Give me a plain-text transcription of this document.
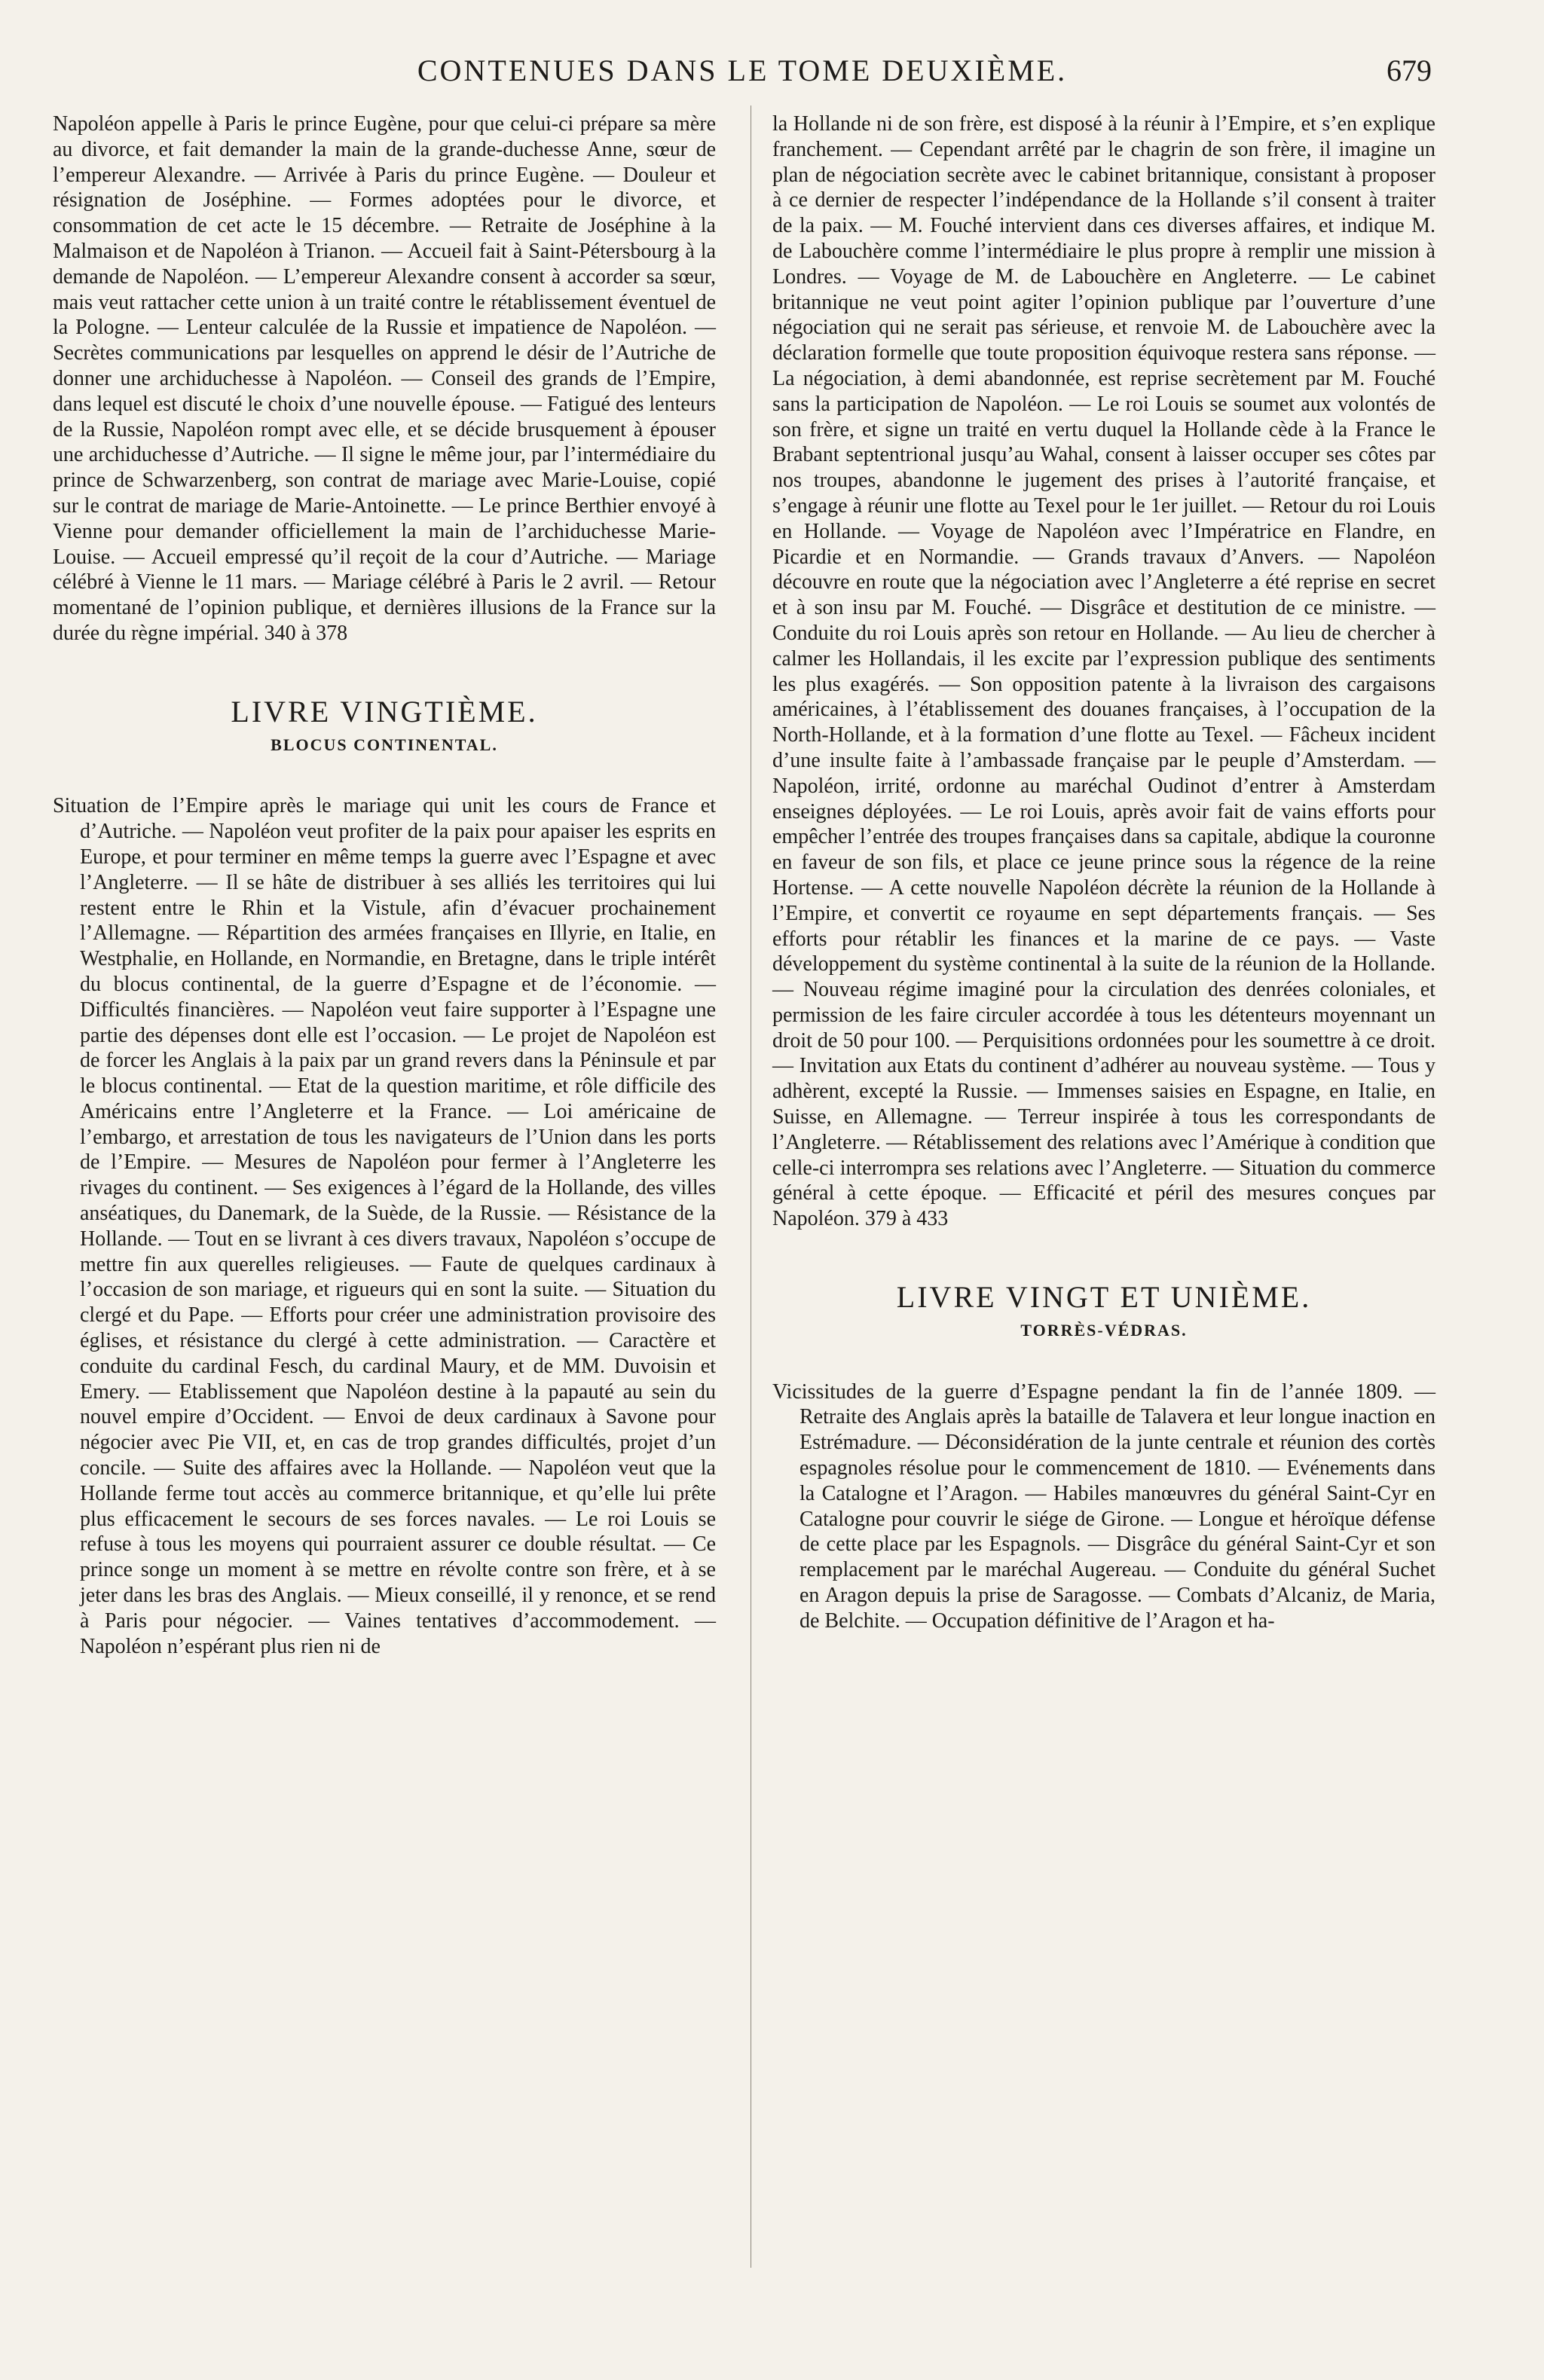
CONTENUES DANS LE TOME DEUXIÈME.	679

Napoléon appelle à Paris le prince Eugène, pour que celui-ci prépare sa mère au divorce, et fait demander la main de la grande-duchesse Anne, sœur de l’empereur Alexandre. — Arrivée à Paris du prince Eugène. — Douleur et résignation de Joséphine. — Formes adoptées pour le divorce, et consommation de cet acte le 15 décembre. — Retraite de Joséphine à la Malmaison et de Napoléon à Trianon. — Accueil fait à Saint-Pétersbourg à la demande de Napoléon. — L’empereur Alexandre consent à accorder sa sœur, mais veut rattacher cette union à un traité contre le rétablissement éventuel de la Pologne. — Lenteur calculée de la Russie et impatience de Napoléon. — Secrètes communications par lesquelles on apprend le désir de l’Autriche de donner une archiduchesse à Napoléon. — Conseil des grands de l’Empire, dans lequel est discuté le choix d’une nouvelle épouse. — Fatigué des lenteurs de la Russie, Napoléon rompt avec elle, et se décide brusquement à épouser une archiduchesse d’Autriche. — Il signe le même jour, par l’intermédiaire du prince de Schwarzenberg, son contrat de mariage avec Marie-Louise, copié sur le contrat de mariage de Marie-Antoinette. — Le prince Berthier envoyé à Vienne pour demander officiellement la main de l’archiduchesse Marie-Louise. — Accueil empressé qu’il reçoit de la cour d’Autriche. — Mariage célébré à Vienne le 11 mars. — Mariage célébré à Paris le 2 avril. — Retour momentané de l’opinion publique, et dernières illusions de la France sur la durée du règne impérial. 340 à 378

LIVRE VINGTIÈME.
BLOCUS CONTINENTAL.

Situation de l’Empire après le mariage qui unit les cours de France et d’Autriche. — Napoléon veut profiter de la paix pour apaiser les esprits en Europe, et pour terminer en même temps la guerre avec l’Espagne et avec l’Angleterre. — Il se hâte de distribuer à ses alliés les territoires qui lui restent entre le Rhin et la Vistule, afin d’évacuer prochainement l’Allemagne. — Répartition des armées françaises en Illyrie, en Italie, en Westphalie, en Hollande, en Normandie, en Bretagne, dans le triple intérêt du blocus continental, de la guerre d’Espagne et de l’économie. — Difficultés financières. — Napoléon veut faire supporter à l’Espagne une partie des dépenses dont elle est l’occasion. — Le projet de Napoléon est de forcer les Anglais à la paix par un grand revers dans la Péninsule et par le blocus continental. — Etat de la question maritime, et rôle difficile des Américains entre l’Angleterre et la France. — Loi américaine de l’embargo, et arrestation de tous les navigateurs de l’Union dans les ports de l’Empire. — Mesures de Napoléon pour fermer à l’Angleterre les rivages du continent. — Ses exigences à l’égard de la Hollande, des villes anséatiques, du Danemark, de la Suède, de la Russie. — Résistance de la Hollande. — Tout en se livrant à ces divers travaux, Napoléon s’occupe de mettre fin aux querelles religieuses. — Faute de quelques cardinaux à l’occasion de son mariage, et rigueurs qui en sont la suite. — Situation du clergé et du Pape. — Efforts pour créer une administration provisoire des églises, et résistance du clergé à cette administration. — Caractère et conduite du cardinal Fesch, du cardinal Maury, et de MM. Duvoisin et Emery. — Etablissement que Napoléon destine à la papauté au sein du nouvel empire d’Occident. — Envoi de deux cardinaux à Savone pour négocier avec Pie VII, et, en cas de trop grandes difficultés, projet d’un concile. — Suite des affaires avec la Hollande. — Napoléon veut que la Hollande ferme tout accès au commerce britannique, et qu’elle lui prête plus efficacement le secours de ses forces navales. — Le roi Louis se refuse à tous les moyens qui pourraient assurer ce double résultat. — Ce prince songe un moment à se mettre en révolte contre son frère, et à se jeter dans les bras des Anglais. — Mieux conseillé, il y renonce, et se rend à Paris pour négocier. — Vaines tentatives d’accommodement. — Napoléon n’espérant plus rien ni de

la Hollande ni de son frère, est disposé à la réunir à l’Empire, et s’en explique franchement. — Cependant arrêté par le chagrin de son frère, il imagine un plan de négociation secrète avec le cabinet britannique, consistant à proposer à ce dernier de respecter l’indépendance de la Hollande s’il consent à traiter de la paix. — M. Fouché intervient dans ces diverses affaires, et indique M. de Labouchère comme l’intermédiaire le plus propre à remplir une mission à Londres. — Voyage de M. de Labouchère en Angleterre. — Le cabinet britannique ne veut point agiter l’opinion publique par l’ouverture d’une négociation qui ne serait pas sérieuse, et renvoie M. de Labouchère avec la déclaration formelle que toute proposition équivoque restera sans réponse. — La négociation, à demi abandonnée, est reprise secrètement par M. Fouché sans la participation de Napoléon. — Le roi Louis se soumet aux volontés de son frère, et signe un traité en vertu duquel la Hollande cède à la France le Brabant septentrional jusqu’au Wahal, consent à laisser occuper ses côtes par nos troupes, abandonne le jugement des prises à l’autorité française, et s’engage à réunir une flotte au Texel pour le 1er juillet. — Retour du roi Louis en Hollande. — Voyage de Napoléon avec l’Impératrice en Flandre, en Picardie et en Normandie. — Grands travaux d’Anvers. — Napoléon découvre en route que la négociation avec l’Angleterre a été reprise en secret et à son insu par M. Fouché. — Disgrâce et destitution de ce ministre. — Conduite du roi Louis après son retour en Hollande. — Au lieu de chercher à calmer les Hollandais, il les excite par l’expression publique des sentiments les plus exagérés. — Son opposition patente à la livraison des cargaisons américaines, à l’établissement des douanes françaises, à l’occupation de la North-Hollande, et à la formation d’une flotte au Texel. — Fâcheux incident d’une insulte faite à l’ambassade française par le peuple d’Amsterdam. — Napoléon, irrité, ordonne au maréchal Oudinot d’entrer à Amsterdam enseignes déployées. — Le roi Louis, après avoir fait de vains efforts pour empêcher l’entrée des troupes françaises dans sa capitale, abdique la couronne en faveur de son fils, et place ce jeune prince sous la régence de la reine Hortense. — A cette nouvelle Napoléon décrète la réunion de la Hollande à l’Empire, et convertit ce royaume en sept départements français. — Ses efforts pour rétablir les finances et la marine de ce pays. — Vaste développement du système continental à la suite de la réunion de la Hollande. — Nouveau régime imaginé pour la circulation des denrées coloniales, et permission de les faire circuler accordée à tous les détenteurs moyennant un droit de 50 pour 100. — Perquisitions ordonnées pour les soumettre à ce droit. — Invitation aux Etats du continent d’adhérer au nouveau système. — Tous y adhèrent, excepté la Russie. — Immenses saisies en Espagne, en Italie, en Suisse, en Allemagne. — Terreur inspirée à tous les correspondants de l’Angleterre. — Rétablissement des relations avec l’Amérique à condition que celle-ci interrompra ses relations avec l’Angleterre. — Situation du commerce général à cette époque. — Efficacité et péril des mesures conçues par Napoléon. 379 à 433

LIVRE VINGT ET UNIÈME.
TORRÈS-VÉDRAS.

Vicissitudes de la guerre d’Espagne pendant la fin de l’année 1809. — Retraite des Anglais après la bataille de Talavera et leur longue inaction en Estrémadure. — Déconsidération de la junte centrale et réunion des cortès espagnoles résolue pour le commencement de 1810. — Evénements dans la Catalogne et l’Aragon. — Habiles manœuvres du général Saint-Cyr en Catalogne pour couvrir le siége de Girone. — Longue et héroïque défense de cette place par les Espagnols. — Disgrâce du général Saint-Cyr et son remplacement par le maréchal Augereau. — Conduite du général Suchet en Aragon depuis la prise de Saragosse. — Combats d’Alcaniz, de Maria, de Belchite. — Occupation définitive de l’Aragon et ha-
